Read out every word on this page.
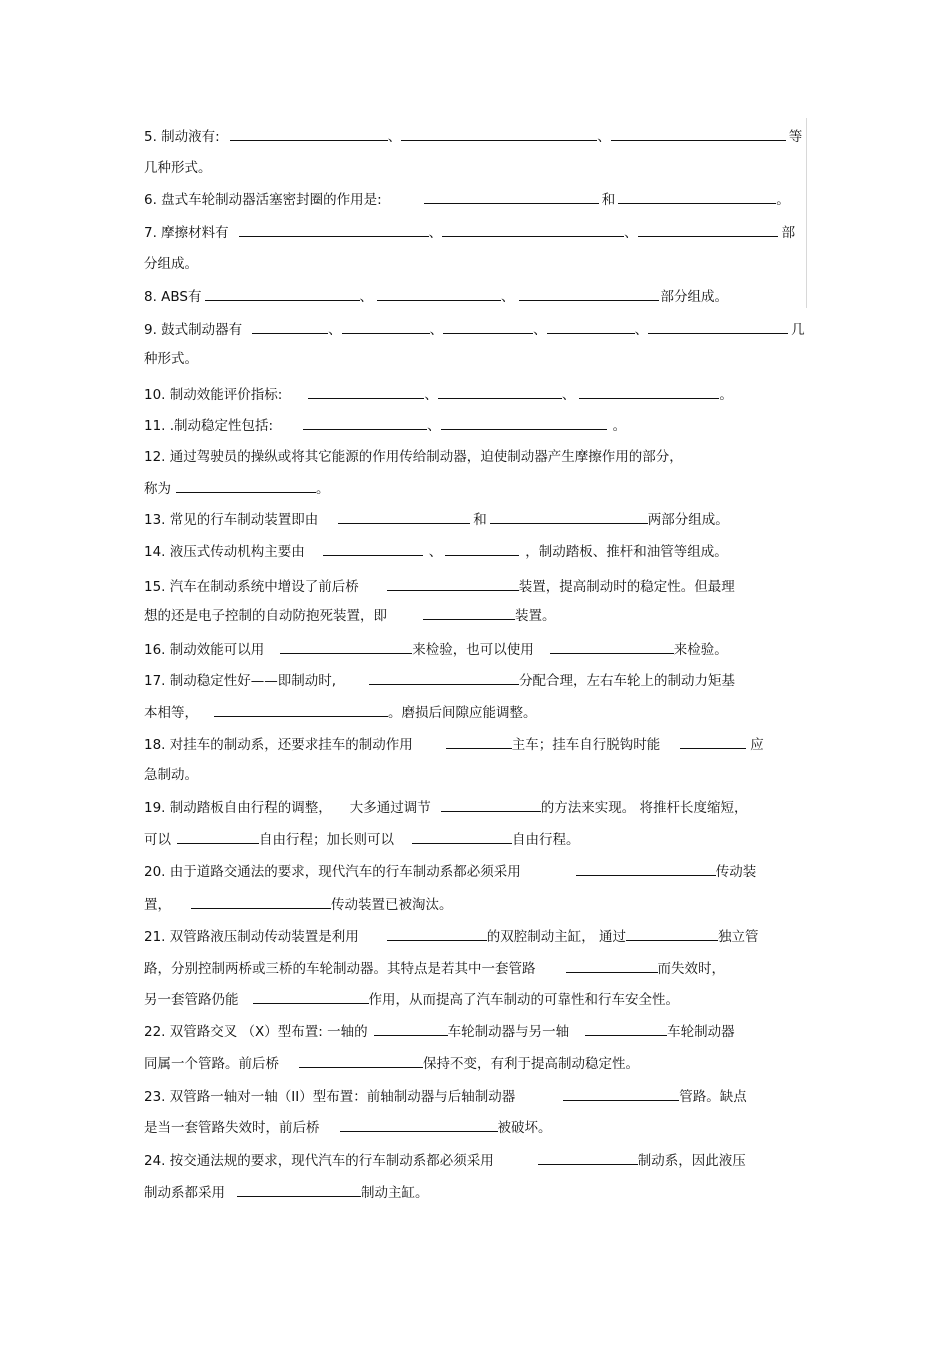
5. 制动液有:	、	、	等
几种形式。
6. 盘式车轮制动器活塞密封圈的作用是:	和	。
7. 摩擦材料有	、	、	部
分组成。
8. ABS有	、	、	部分组成。
9. 鼓式制动器有	、	、	、	、	几
种形式。
10. 制动效能评价指标:	、	、	。
11. .制动稳定性包括:	、	。
12. 通过驾驶员的操纵或将其它能源的作用传给制动器，迫使制动器产生摩擦作用的部分，
称为	。
13. 常见的行车制动装置即由	和	两部分组成。
14. 液压式传动机构主要由	、	，制动踏板、推杆和油管等组成。
15. 汽车在制动系统中增设了前后桥	装置，提高制动时的稳定性。但最理
想的还是电子控制的自动防抱死装置，即	装置。
16. 制动效能可以用	来检验，也可以使用	来检验。
17. 制动稳定性好——即制动时,	分配合理，左右车轮上的制动力矩基
本相等，	。磨损后间隙应能调整。
18. 对挂车的制动系，还要求挂车的制动作用	主车；挂车自行脱钩时能	应
急制动。
19. 制动踏板自由行程的调整， 大多通过调节	的方法来实现。 将推杆长度缩短，
可以	自由行程；加长则可以	自由行程。
20. 由于道路交通法的要求，现代汽车的行车制动系都必须采用	传动装
置，	传动装置已被淘汰。
21. 双管路液压制动传动装置是利用	的双腔制动主缸， 通过	独立管
路，分别控制两桥或三桥的车轮制动器。其特点是若其中一套管路	而失效时，
另一套管路仍能	作用，从而提高了汽车制动的可靠性和行车安全性。
22. 双管路交叉 （X）型布置: 一轴的	车轮制动器与另一轴	车轮制动器
同属一个管路。前后桥	保持不变，有利于提高制动稳定性。
23. 双管路一轴对一轴（II）型布置：前轴制动器与后轴制动器	管路。缺点
是当一套管路失效时，前后桥	被破坏。
24. 按交通法规的要求，现代汽车的行车制动系都必须采用	制动系，因此液压
制动系都采用	制动主缸。
